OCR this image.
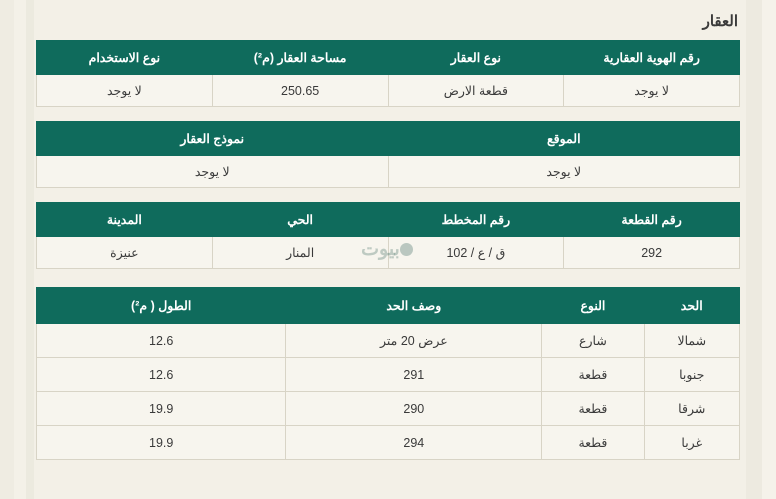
العقار
رقم الهوية العقارية	نوع العقار	مساحة العقار (م²)	نوع الاستخدام
لا يوجد	قطعة الارض	250.65	لا يوجد
الموقع	نموذج العقار
لا يوجد	لا يوجد
رقم القطعة	رقم المخطط	الحي	المدينة
292	ق / ع / 102	المنار	عنيزة
الحد	النوع	وصف الحد	الطول ( م²)
شمالا	شارع	عرض 20 متر	12.6
جنوبا	قطعة	291	12.6
شرقا	قطعة	290	19.9
غربا	قطعة	294	19.9
بيوت
